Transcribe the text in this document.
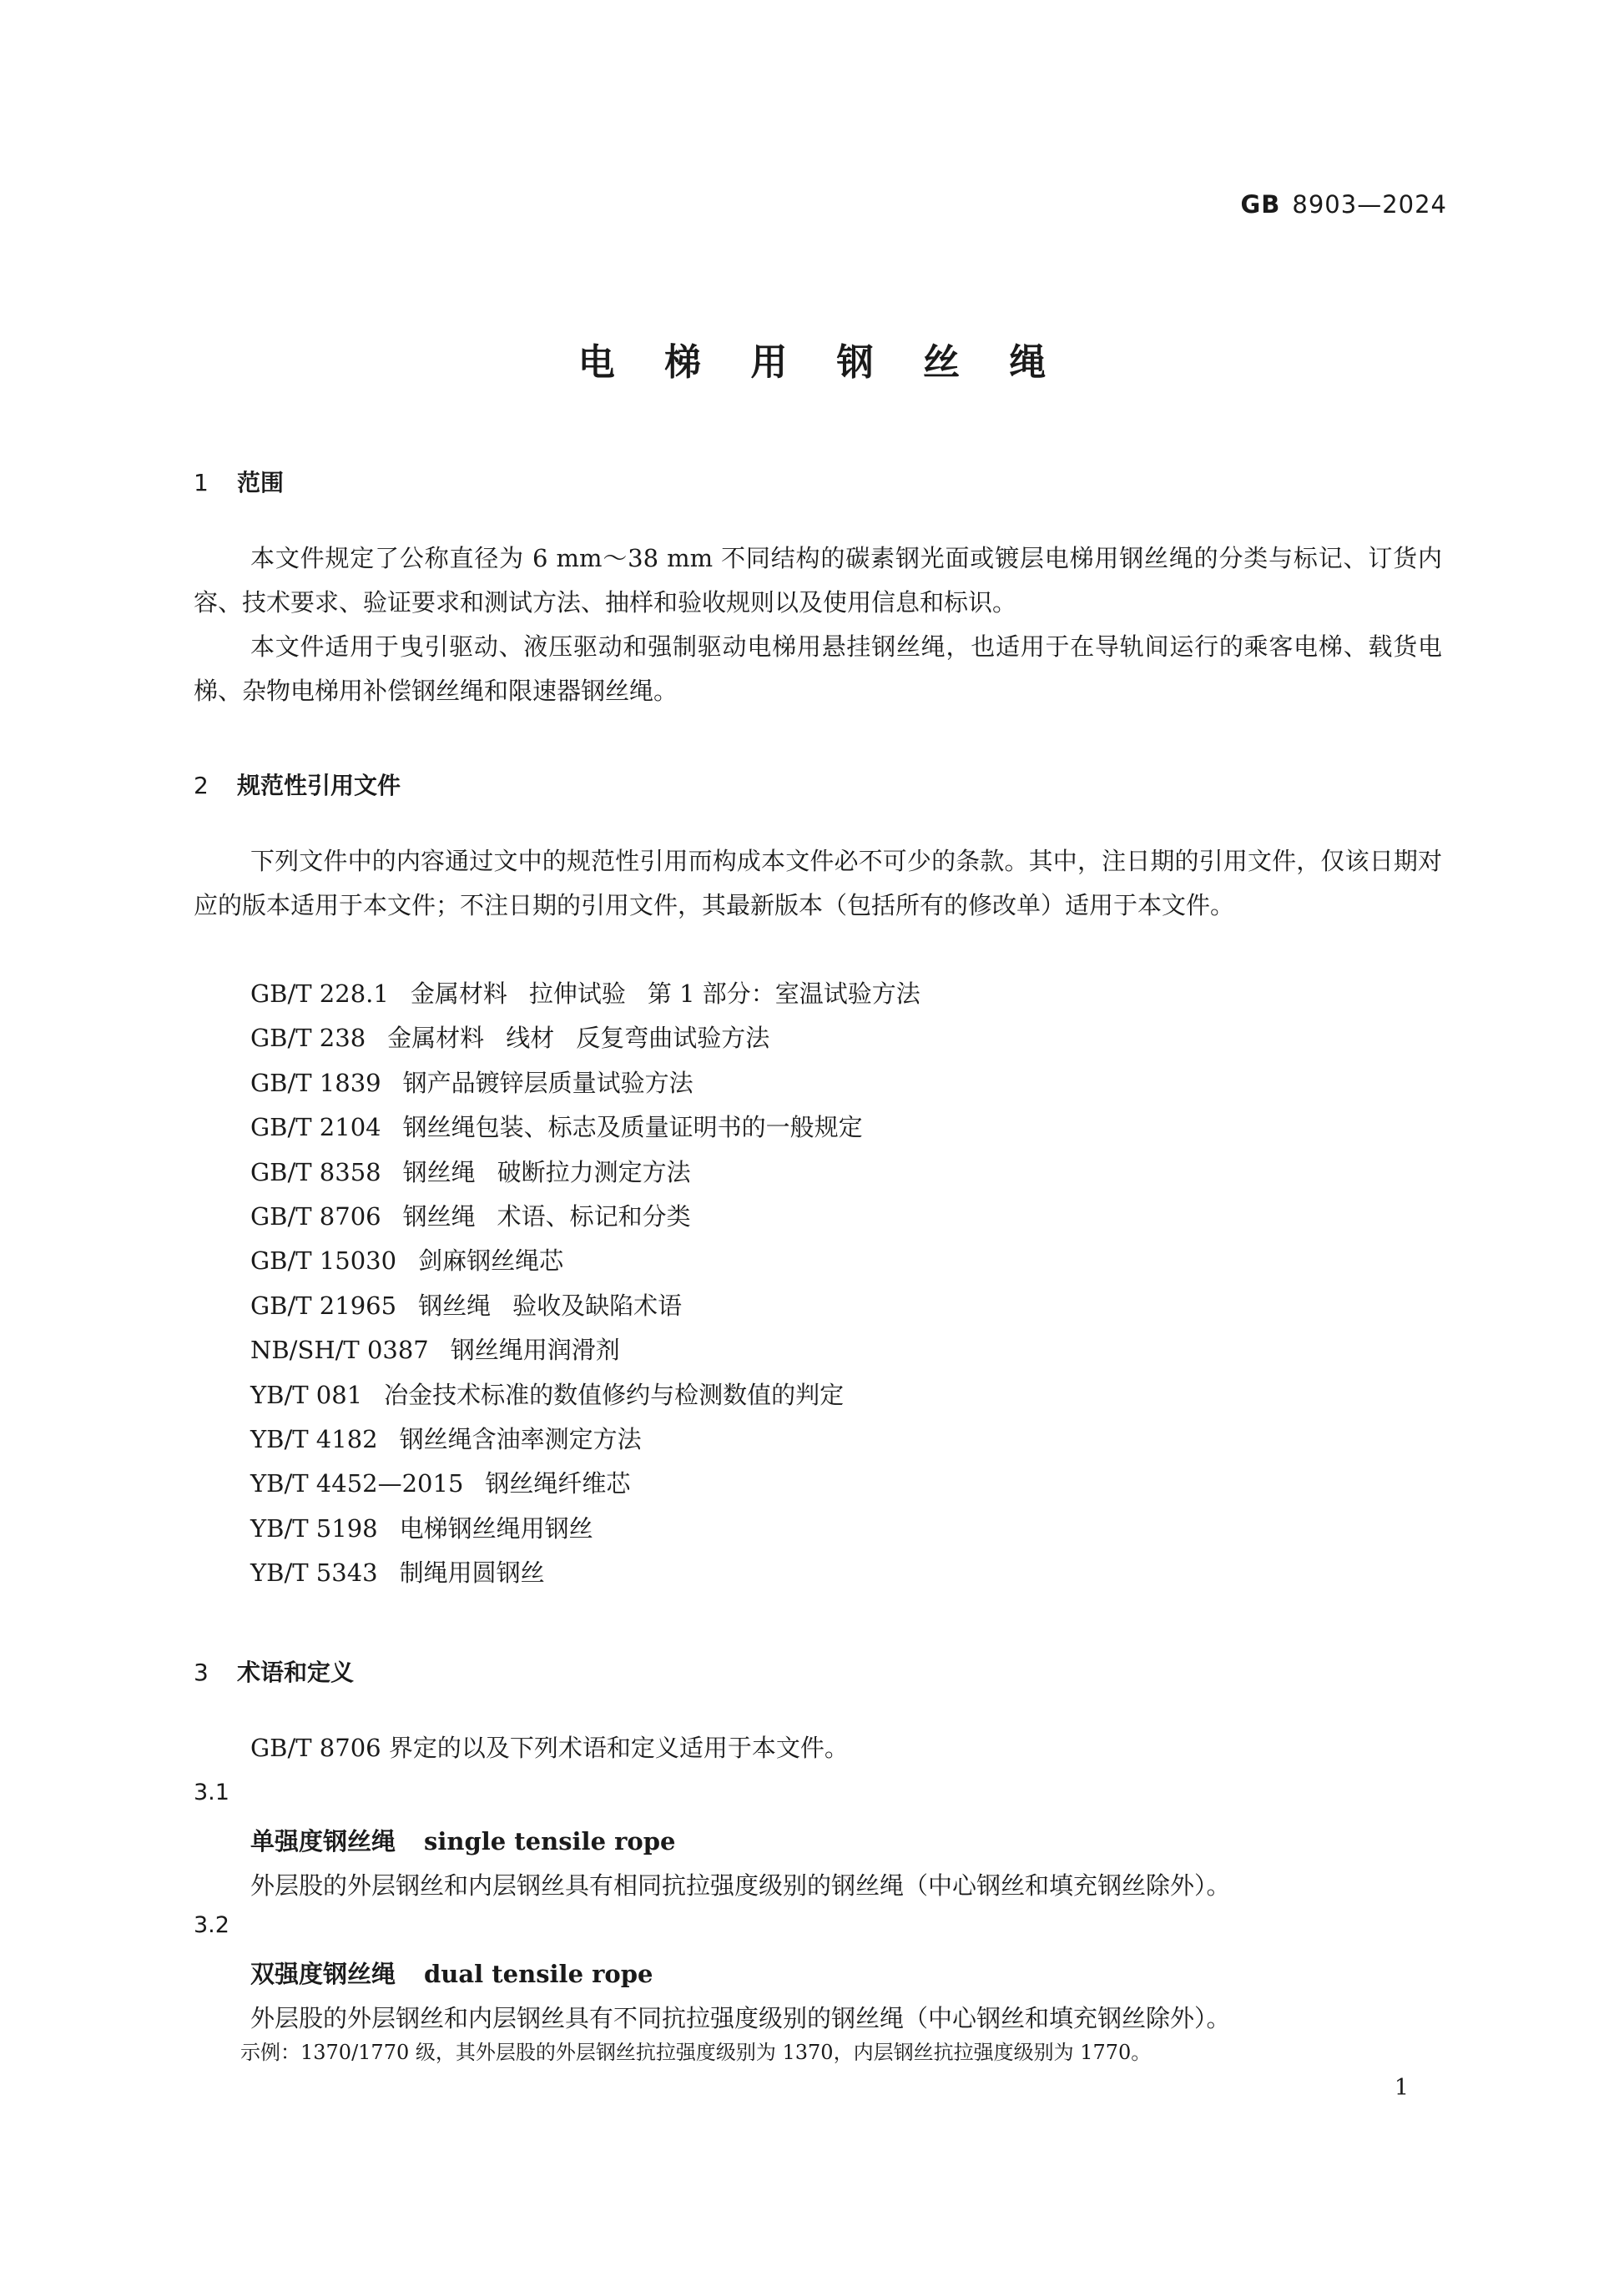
GB 8903—2024
电 梯 用 钢 丝 绳
1 范围

本文件规定了公称直径为 6 mm～38 mm 不同结构的碳素钢光面或镀层电梯用钢丝绳的分类与标记、订货内容、技术要求、验证要求和测试方法、抽样和验收规则以及使用信息和标识。

本文件适用于曳引驱动、液压驱动和强制驱动电梯用悬挂钢丝绳，也适用于在导轨间运行的乘客电梯、载货电梯、杂物电梯用补偿钢丝绳和限速器钢丝绳。

2 规范性引用文件

下列文件中的内容通过文中的规范性引用而构成本文件必不可少的条款。其中，注日期的引用文件，仅该日期对应的版本适用于本文件；不注日期的引用文件，其最新版本（包括所有的修改单）适用于本文件。

GB/T 228.1 金属材料 拉伸试验 第 1 部分：室温试验方法
GB/T 238 金属材料 线材 反复弯曲试验方法
GB/T 1839 钢产品镀锌层质量试验方法
GB/T 2104 钢丝绳包装、标志及质量证明书的一般规定
GB/T 8358 钢丝绳 破断拉力测定方法
GB/T 8706 钢丝绳 术语、标记和分类
GB/T 15030 剑麻钢丝绳芯
GB/T 21965 钢丝绳 验收及缺陷术语
NB/SH/T 0387 钢丝绳用润滑剂
YB/T 081 冶金技术标准的数值修约与检测数值的判定
YB/T 4182 钢丝绳含油率测定方法
YB/T 4452—2015 钢丝绳纤维芯
YB/T 5198 电梯钢丝绳用钢丝
YB/T 5343 制绳用圆钢丝
3 术语和定义

GB/T 8706 界定的以及下列术语和定义适用于本文件。

3.1
单强度钢丝绳 single tensile rope
外层股的外层钢丝和内层钢丝具有相同抗拉强度级别的钢丝绳（中心钢丝和填充钢丝除外）。
3.2
双强度钢丝绳 dual tensile rope
外层股的外层钢丝和内层钢丝具有不同抗拉强度级别的钢丝绳（中心钢丝和填充钢丝除外）。
示例：1370/1770 级，其外层股的外层钢丝抗拉强度级别为 1370，内层钢丝抗拉强度级别为 1770。
1
